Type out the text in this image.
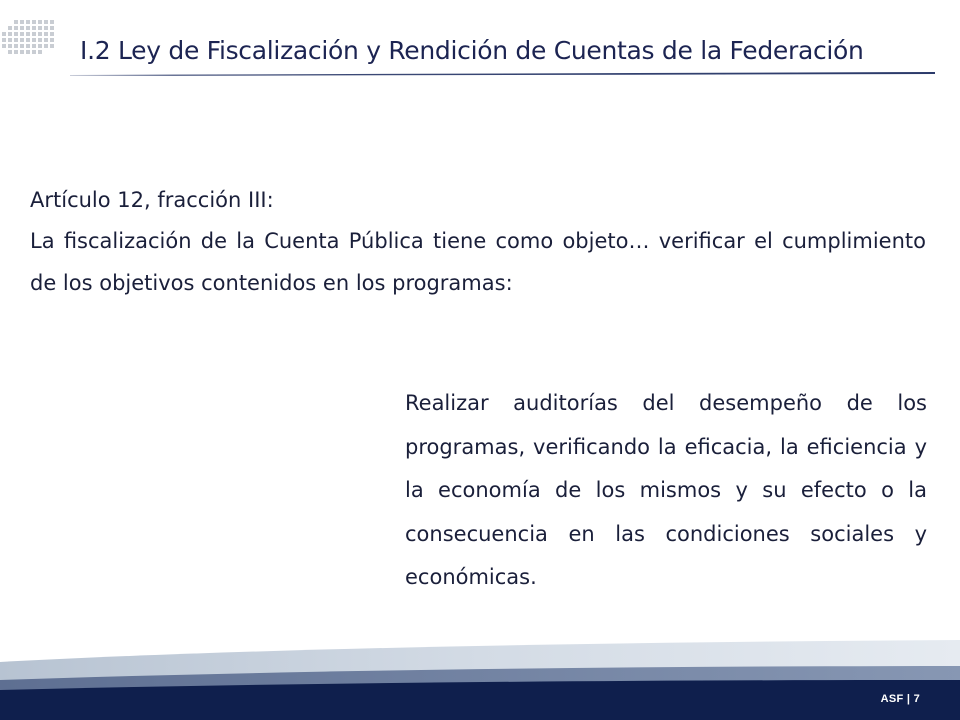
I.2 Ley de Fiscalización y Rendición de Cuentas de la Federación
Artículo 12, fracción III:
La fiscalización de la Cuenta Pública tiene como objeto… verificar el cumplimiento de los objetivos contenidos en los programas:
Realizar auditorías del desempeño de los programas, verificando la eficacia, la eficiencia y la economía de los mismos y su efecto o la consecuencia en las condiciones sociales y económicas.
ASF | 7
